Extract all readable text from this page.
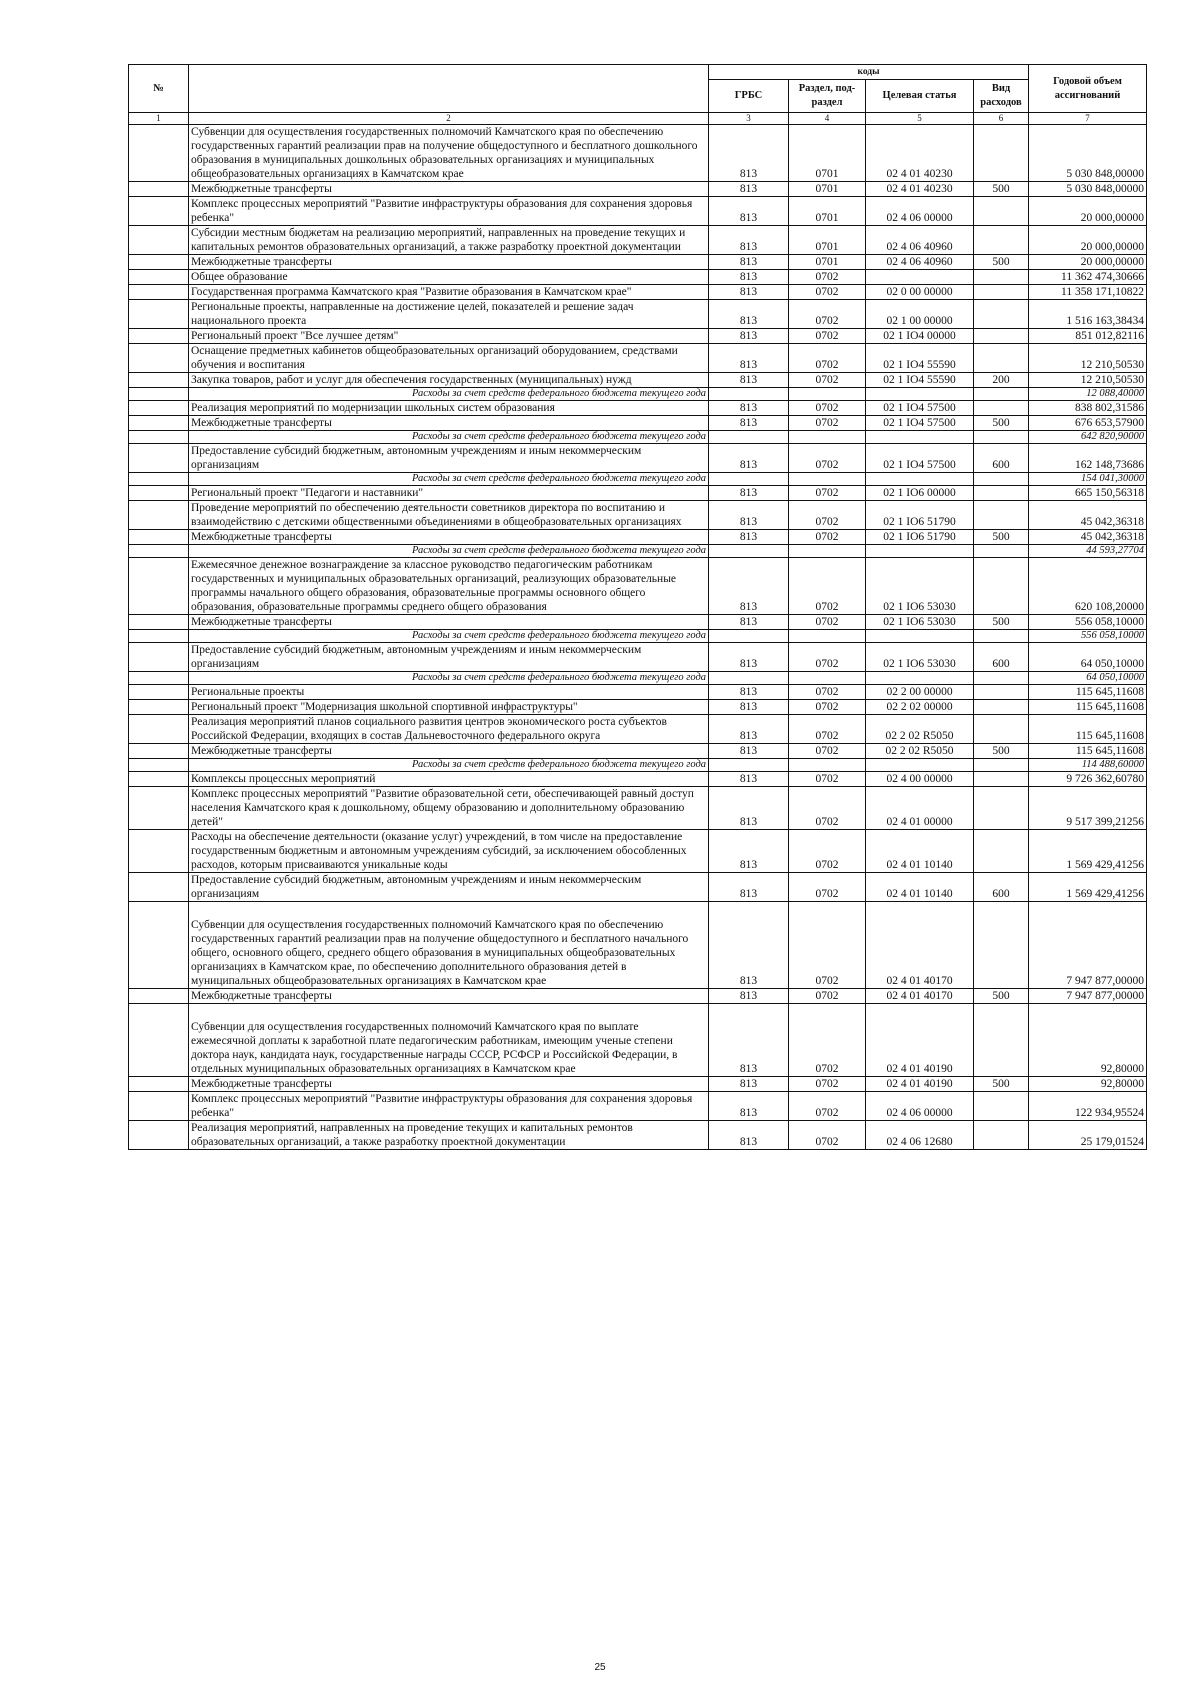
№		коды				Годовой объем ассигнований
		ГРБС	Раздел, под-раздел	Целевая статья	Вид расходов	
1	2	3	4	5	6	7
	Субвенции для осуществления государственных полномочий Камчатского края по обеспечению государственных гарантий реализации прав на получение общедоступного и бесплатного дошкольного образования в муниципальных дошкольных образовательных организациях и муниципальных общеобразовательных организациях в Камчатском крае	813	0701	02 4 01 40230		5 030 848,00000
	Межбюджетные трансферты	813	0701	02 4 01 40230	500	5 030 848,00000
	Комплекс процессных мероприятий "Развитие инфраструктуры образования для сохранения здоровья ребенка"	813	0701	02 4 06 00000		20 000,00000
	Субсидии местным бюджетам на реализацию мероприятий, направленных на проведение текущих и капитальных ремонтов образовательных организаций, а также разработку проектной документации	813	0701	02 4 06 40960		20 000,00000
	Межбюджетные трансферты	813	0701	02 4 06 40960	500	20 000,00000
	Общее образование	813	0702			11 362 474,30666
	Государственная программа Камчатского края "Развитие образования в Камчатском крае"	813	0702	02 0 00 00000		11 358 171,10822
	Региональные проекты, направленные на достижение целей, показателей и решение задач национального проекта	813	0702	02 1 00 00000		1 516 163,38434
	Региональный проект "Все лучшее детям"	813	0702	02 1 IO4 00000		851 012,82116
	Оснащение предметных кабинетов общеобразовательных организаций оборудованием, средствами обучения и воспитания	813	0702	02 1 IO4 55590		12 210,50530
	Закупка товаров, работ и услуг для обеспечения государственных (муниципальных) нужд	813	0702	02 1 IO4 55590	200	12 210,50530
	Расходы за счет средств федерального бюджета текущего года					12 088,40000
	Реализация мероприятий по модернизации школьных систем образования	813	0702	02 1 IO4 57500		838 802,31586
	Межбюджетные трансферты	813	0702	02 1 IO4 57500	500	676 653,57900
	Расходы за счет средств федерального бюджета текущего года					642 820,90000
	Предоставление субсидий бюджетным, автономным учреждениям и иным некоммерческим организациям	813	0702	02 1 IO4 57500	600	162 148,73686
	Расходы за счет средств федерального бюджета текущего года					154 041,30000
	Региональный проект "Педагоги и наставники"	813	0702	02 1 IO6 00000		665 150,56318
	Проведение мероприятий по обеспечению деятельности советников директора по воспитанию и взаимодействию с детскими общественными объединениями в общеобразовательных организациях	813	0702	02 1 IO6 51790		45 042,36318
	Межбюджетные трансферты	813	0702	02 1 IO6 51790	500	45 042,36318
	Расходы за счет средств федерального бюджета текущего года					44 593,27704
	Ежемесячное денежное вознаграждение за классное руководство педагогическим работникам государственных и муниципальных образовательных организаций, реализующих образовательные программы начального общего образования, образовательные программы основного общего образования, образовательные программы среднего общего образования	813	0702	02 1 IO6 53030		620 108,20000
	Межбюджетные трансферты	813	0702	02 1 IO6 53030	500	556 058,10000
	Расходы за счет средств федерального бюджета текущего года					556 058,10000
	Предоставление субсидий бюджетным, автономным учреждениям и иным некоммерческим организациям	813	0702	02 1 IO6 53030	600	64 050,10000
	Расходы за счет средств федерального бюджета текущего года					64 050,10000
	Региональные проекты	813	0702	02 2 00 00000		115 645,11608
	Региональный проект "Модернизация школьной спортивной инфраструктуры"	813	0702	02 2 02 00000		115 645,11608
	Реализация мероприятий планов социального развития центров экономического роста субъектов Российской Федерации, входящих в состав Дальневосточного федерального округа	813	0702	02 2 02 R5050		115 645,11608
	Межбюджетные трансферты	813	0702	02 2 02 R5050	500	115 645,11608
	Расходы за счет средств федерального бюджета текущего года					114 488,60000
	Комплексы процессных мероприятий	813	0702	02 4 00 00000		9 726 362,60780
	Комплекс процессных мероприятий "Развитие образовательной сети, обеспечивающей равный доступ населения Камчатского края к дошкольному, общему образованию и дополнительному образованию детей"	813	0702	02 4 01 00000		9 517 399,21256
	Расходы на обеспечение деятельности (оказание услуг) учреждений, в том числе на предоставление государственным бюджетным и автономным учреждениям субсидий, за исключением обособленных расходов, которым присваиваются уникальные коды	813	0702	02 4 01 10140		1 569 429,41256
	Предоставление субсидий бюджетным, автономным учреждениям и иным некоммерческим организациям	813	0702	02 4 01 10140	600	1 569 429,41256
	Субвенции для осуществления государственных полномочий Камчатского края по обеспечению государственных гарантий реализации прав на получение общедоступного и бесплатного начального общего, основного общего, среднего общего образования в муниципальных общеобразовательных организациях в Камчатском крае, по обеспечению дополнительного образования детей в муниципальных общеобразовательных организациях в Камчатском крае	813	0702	02 4 01 40170		7 947 877,00000
	Межбюджетные трансферты	813	0702	02 4 01 40170	500	7 947 877,00000
	Субвенции для осуществления государственных полномочий Камчатского края по выплате ежемесячной доплаты к заработной плате педагогическим работникам, имеющим ученые степени доктора наук, кандидата наук, государственные награды СССР, РСФСР и Российской Федерации, в отдельных муниципальных образовательных организациях в Камчатском крае	813	0702	02 4 01 40190		92,80000
	Межбюджетные трансферты	813	0702	02 4 01 40190	500	92,80000
	Комплекс процессных мероприятий "Развитие инфраструктуры образования для сохранения здоровья ребенка"	813	0702	02 4 06 00000		122 934,95524
	Реализация мероприятий, направленных на проведение текущих и капитальных ремонтов образовательных организаций, а также разработку проектной документации	813	0702	02 4 06 12680		25 179,01524
25
